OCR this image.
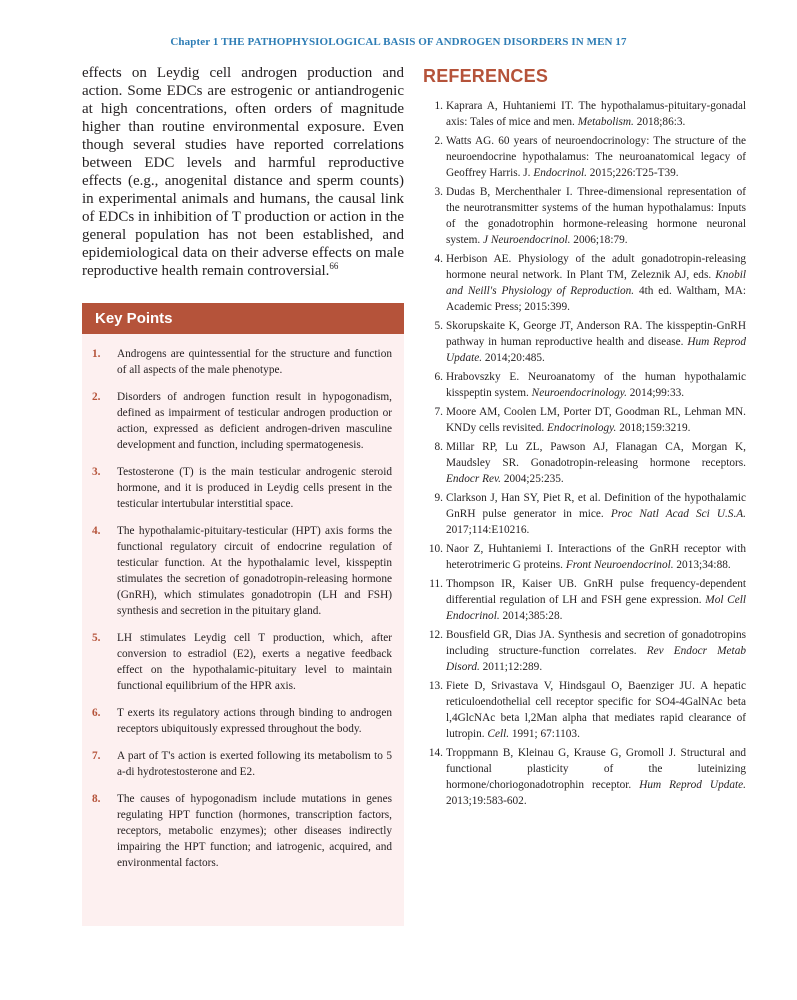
Chapter 1 THE PATHOPHYSIOLOGICAL BASIS OF ANDROGEN DISORDERS IN MEN 17

effects on Leydig cell androgen production and action. Some EDCs are estrogenic or antiandrogenic at high concentrations, often orders of magnitude higher than routine environmental exposure. Even though several studies have reported correlations between EDC levels and harmful reproductive effects (e.g., anogenital distance and sperm counts) in experimental animals and humans, the causal link of EDCs in inhibition of T production or action in the general population has not been established, and epidemiological data on their adverse effects on male reproductive health remain controversial.$^{66}$

Key Points
1.	Androgens are quintessential for the structure and function of all aspects of the male phenotype.
2.	Disorders of androgen function result in hypogonadism, defined as impairment of testicular androgen production or action, expressed as deficient androgen-driven masculine development and function, including spermatogenesis.
3.	Testosterone (T) is the main testicular androgenic steroid hormone, and it is produced in Leydig cells present in the testicular intertubular interstitial space.
4.	The hypothalamic-pituitary-testicular (HPT) axis forms the functional regulatory circuit of endocrine regulation of testicular function. At the hypothalamic level, kisspeptin stimulates the secretion of gonadotropin-releasing hormone (GnRH), which stimulates gonadotropin (LH and FSH) synthesis and secretion in the pituitary gland.
5.	LH stimulates Leydig cell T production, which, after conversion to estradiol (E2), exerts a negative feedback effect on the hypothalamic-pituitary level to maintain functional equilibrium of the HPR axis.
6.	T exerts its regulatory actions through binding to androgen receptors ubiquitously expressed throughout the body.
7.	A part of T's action is exerted following its metabolism to 5 a-di hydrotestosterone and E2.
8.	The causes of hypogonadism include mutations in genes regulating HPT function (hormones, transcription factors, receptors, metabolic enzymes); other diseases indirectly impairing the HPT function; and iatrogenic, acquired, and environmental factors.
REFERENCES
1. Kaprara A, Huhtaniemi IT. The hypothalamus-pituitary-gonadal axis: Tales of mice and men. Metabolism. 2018;86:3.
2. Watts AG. 60 years of neuroendocrinology: The structure of the neuroendocrine hypothalamus: The neuroanatomical legacy of Geoffrey Harris. J. Endocrinol. 2015;226:T25-T39.
3. Dudas B, Merchenthaler I. Three-dimensional representation of the neurotransmitter systems of the human hypothalamus: Inputs of the gonadotrophin hormone-releasing hormone neuronal system. J Neuroendocrinol. 2006;18:79.
4. Herbison AE. Physiology of the adult gonadotropin-releasing hormone neural network. In Plant TM, Zeleznik AJ, eds. Knobil and Neill's Physiology of Reproduction. 4th ed. Waltham, MA: Academic Press; 2015:399.
5. Skorupskaite K, George JT, Anderson RA. The kisspeptin-GnRH pathway in human reproductive health and disease. Hum Reprod Update. 2014;20:485.
6. Hrabovszky E. Neuroanatomy of the human hypothalamic kisspeptin system. Neuroendocrinology. 2014;99:33.
7. Moore AM, Coolen LM, Porter DT, Goodman RL, Lehman MN. KNDy cells revisited. Endocrinology. 2018;159:3219.
8. Millar RP, Lu ZL, Pawson AJ, Flanagan CA, Morgan K, Maudsley SR. Gonadotropin-releasing hormone receptors. Endocr Rev. 2004;25:235.
9. Clarkson J, Han SY, Piet R, et al. Definition of the hypothalamic GnRH pulse generator in mice. Proc Natl Acad Sci U.S.A. 2017;114:E10216.
10. Naor Z, Huhtaniemi I. Interactions of the GnRH receptor with heterotrimeric G proteins. Front Neuroendocrinol. 2013;34:88.
11. Thompson IR, Kaiser UB. GnRH pulse frequency-dependent differential regulation of LH and FSH gene expression. Mol Cell Endocrinol. 2014;385:28.
12. Bousfield GR, Dias JA. Synthesis and secretion of gonadotropins including structure-function correlates. Rev Endocr Metab Disord. 2011;12:289.
13. Fiete D, Srivastava V, Hindsgaul O, Baenziger JU. A hepatic reticuloendothelial cell receptor specific for SO4-4GalNAc beta l,4GlcNAc beta l,2Man alpha that mediates rapid clearance of lutropin. Cell. 1991; 67:1103.
14. Troppmann B, Kleinau G, Krause G, Gromoll J. Structural and functional plasticity of the luteinizing hormone/choriogonadotrophin receptor. Hum Reprod Update. 2013;19:583-602.
